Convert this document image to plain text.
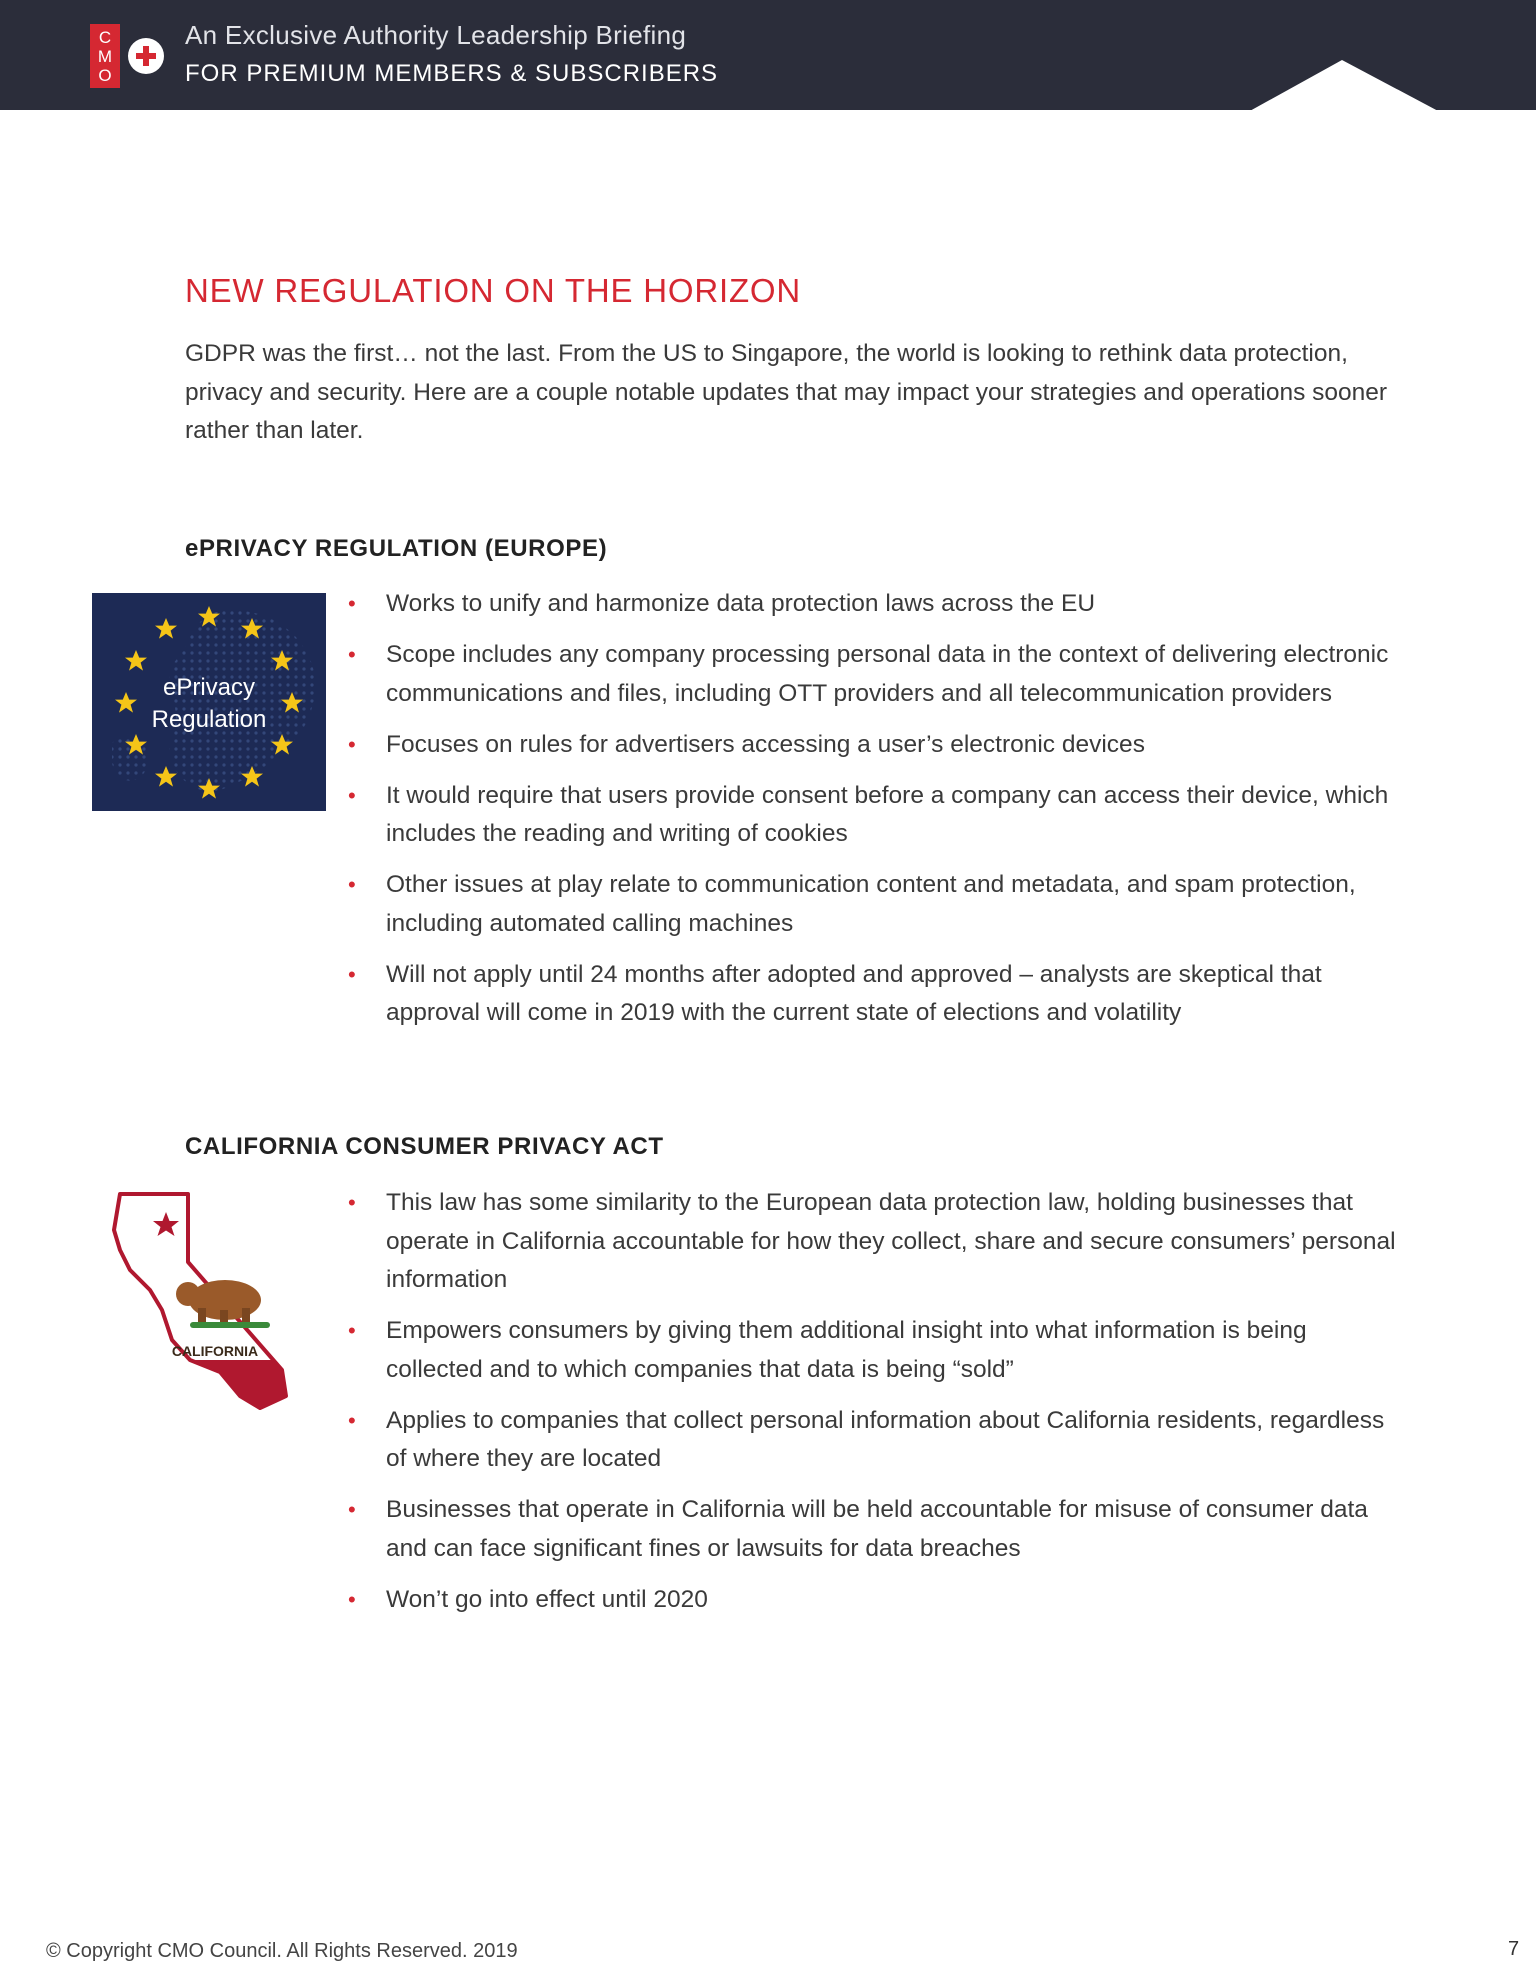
C
M
O
An Exclusive Authority Leadership Briefing
FOR PREMIUM MEMBERS & SUBSCRIBERS
NEW REGULATION ON THE HORIZON

GDPR was the first… not the last. From the US to Singapore, the world is looking to rethink data protection, privacy and security. Here are a couple notable updates that may impact your strategies and operations sooner rather than later.

ePRIVACY REGULATION (EUROPE)
ePrivacy
Regulation
• Works to unify and harmonize data protection laws across the EU
• Scope includes any company processing personal data in the context of delivering electronic communications and files, including OTT providers and all telecommunication providers
• Focuses on rules for advertisers accessing a user’s electronic devices
• It would require that users provide consent before a company can access their device, which includes the reading and writing of cookies
• Other issues at play relate to communication content and metadata, and spam protection, including automated calling machines
• Will not apply until 24 months after adopted and approved – analysts are skeptical that approval will come in 2019 with the current state of elections and volatility
CALIFORNIA CONSUMER PRIVACY ACT
CALIFORNIA
• This law has some similarity to the European data protection law, holding businesses that operate in California accountable for how they collect, share and secure consumers’ personal information
• Empowers consumers by giving them additional insight into what information is being collected and to which companies that data is being “sold”
• Applies to companies that collect personal information about California residents, regardless of where they are located
• Businesses that operate in California will be held accountable for misuse of consumer data and can face significant fines or lawsuits for data breaches
• Won’t go into effect until 2020
© Copyright CMO Council. All Rights Reserved. 2019	7
